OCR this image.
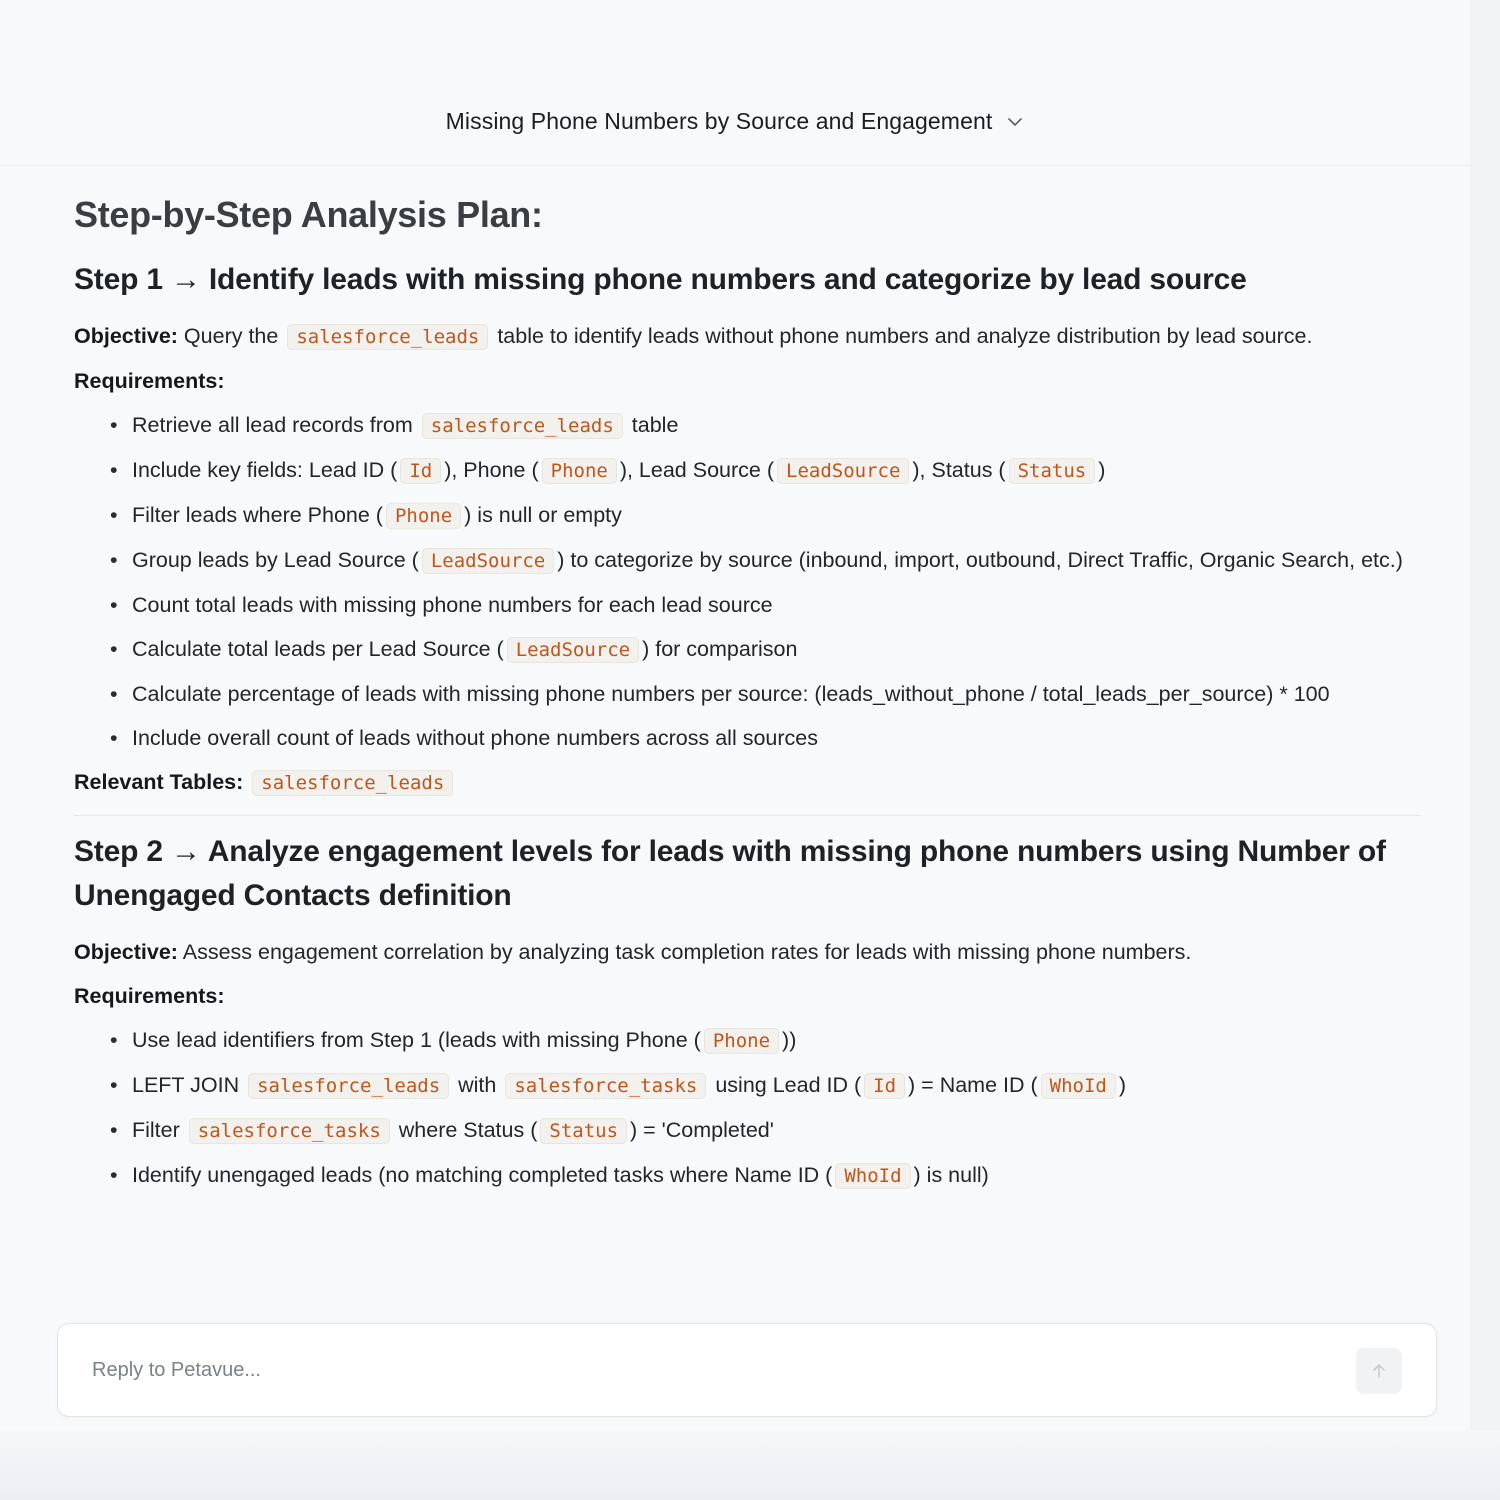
Missing Phone Numbers by Source and Engagement
Step-by-Step Analysis Plan:
Step 1 → Identify leads with missing phone numbers and categorize by lead source

Objective: Query the salesforce_leads table to identify leads without phone numbers and analyze distribution by lead source.

Requirements:

• Retrieve all lead records from salesforce_leads table
• Include key fields: Lead ID ( Id ), Phone ( Phone ), Lead Source ( LeadSource ), Status ( Status )
• Filter leads where Phone ( Phone ) is null or empty
• Group leads by Lead Source ( LeadSource ) to categorize by source (inbound, import, outbound, Direct Traffic, Organic Search, etc.)
• Count total leads with missing phone numbers for each lead source
• Calculate total leads per Lead Source ( LeadSource ) for comparison
• Calculate percentage of leads with missing phone numbers per source: (leads_without_phone / total_leads_per_source) * 100
• Include overall count of leads without phone numbers across all sources

Relevant Tables: salesforce_leads

Step 2 → Analyze engagement levels for leads with missing phone numbers using Number of Unengaged Contacts definition

Objective: Assess engagement correlation by analyzing task completion rates for leads with missing phone numbers.

Requirements:

• Use lead identifiers from Step 1 (leads with missing Phone ( Phone ))
• LEFT JOIN salesforce_leads with salesforce_tasks using Lead ID ( Id ) = Name ID ( WhoId )
• Filter salesforce_tasks where Status ( Status ) = 'Completed'
• Identify unengaged leads (no matching completed tasks where Name ID ( WhoId ) is null)
Reply to Petavue...
